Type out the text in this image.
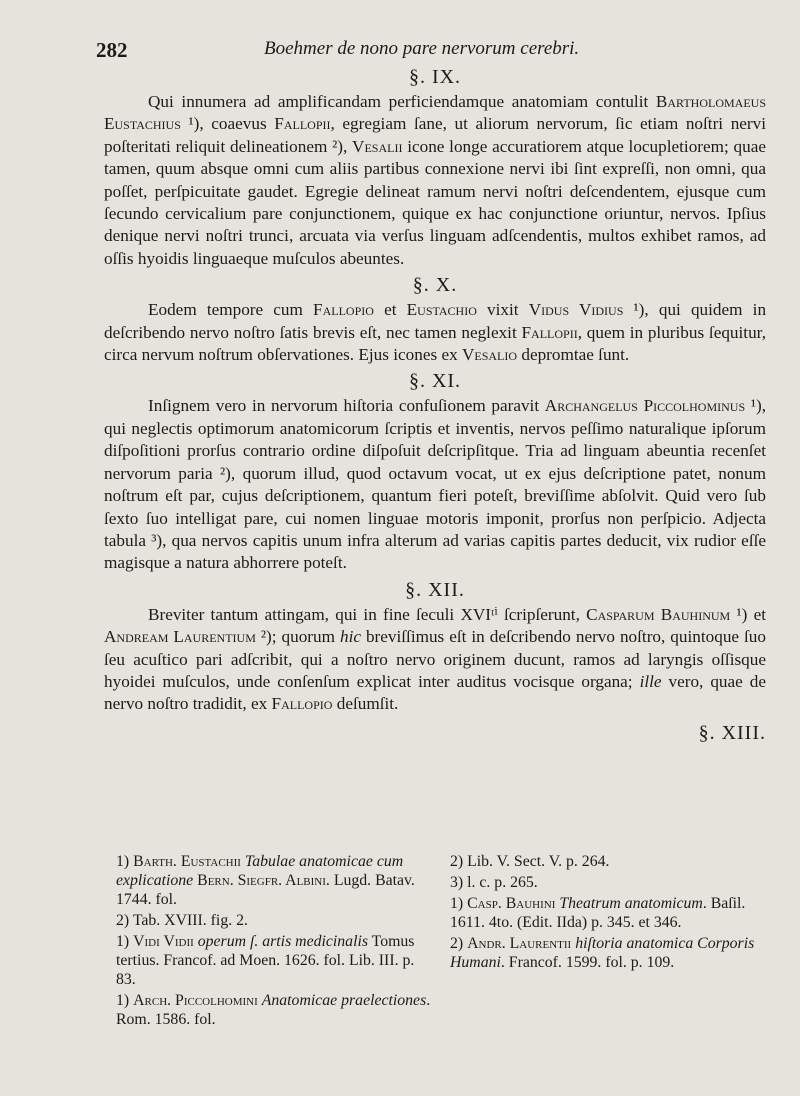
282	Boehmer de nono pare nervorum cerebri.
§. IX.

Qui innumera ad amplificandam perficiendamque anatomiam contulit Bartholomaeus Eustachius ¹), coaevus Fallopii, egregiam ſane, ut aliorum nervorum, ſic etiam noſtri nervi poſteritati reliquit delineationem ²), Vesalii icone longe accuratiorem atque locupletiorem; quae tamen, quum absque omni cum aliis partibus connexione nervi ibi ſint expreſſi, non omni, qua poſſet, perſpicuitate gaudet. Egregie delineat ramum nervi noſtri deſcendentem, ejusque cum ſecundo cervicalium pare conjunctionem, quique ex hac conjunctione oriuntur, nervos. Ipſius denique nervi noſtri trunci, arcuata via verſus linguam adſcendentis, multos exhibet ramos, ad oſſis hyoidis linguaeque muſculos abeuntes.

§. X.

Eodem tempore cum Fallopio et Eustachio vixit Vidus Vidius ¹), qui quidem in deſcribendo nervo noſtro ſatis brevis eſt, nec tamen neglexit Fallopii, quem in pluribus ſequitur, circa nervum noſtrum obſervationes. Ejus icones ex Vesalio depromtae ſunt.

§. XI.

Inſignem vero in nervorum hiſtoria confuſionem paravit Archangelus Piccolhominus ¹), qui neglectis optimorum anatomicorum ſcriptis et inventis, nervos peſſimo naturalique ipſorum diſpoſitioni prorſus contrario ordine diſpoſuit deſcripſitque. Tria ad linguam abeuntia recenſet nervorum paria ²), quorum illud, quod octavum vocat, ut ex ejus deſcriptione patet, nonum noſtrum eſt par, cujus deſcriptionem, quantum fieri poteſt, breviſſime abſolvit. Quid vero ſub ſexto ſuo intelligat pare, cui nomen linguae motoris imponit, prorſus non perſpicio. Adjecta tabula ³), qua nervos capitis unum infra alterum ad varias capitis partes deducit, vix rudior eſſe magisque a natura abhorrere poteſt.

§. XII.

Breviter tantum attingam, qui in fine ſeculi XVIᵗⁱ ſcripſerunt, Casparum Bauhinum ¹) et Andream Laurentium ²); quorum hic breviſſimus eſt in deſcribendo nervo noſtro, quintoque ſuo ſeu acuſtico pari adſcribit, qui a noſtro nervo originem ducunt, ramos ad laryngis oſſisque hyoidei muſculos, unde conſenſum explicat inter auditus vocisque organa; ille vero, quae de nervo noſtro tradidit, ex Fallopio deſumſit.

§. XIII.

1) Barth. Eustachii Tabulae anatomicae cum explicatione Bern. Siegfr. Albini. Lugd. Batav. 1744. fol.

2) Tab. XVIII. fig. 2.

1) Vidi Vidii operum ſ. artis medicinalis Tomus tertius. Francof. ad Moen. 1626. fol. Lib. III. p. 83.

1) Arch. Piccolhomini Anatomicae praelectiones. Rom. 1586. fol.

2) Lib. V. Sect. V. p. 264.

3) l. c. p. 265.

1) Casp. Bauhini Theatrum anatomicum. Baſil. 1611. 4to. (Edit. IIda) p. 345. et 346.

2) Andr. Laurentii hiſtoria anatomica Corporis Humani. Francof. 1599. fol. p. 109.
